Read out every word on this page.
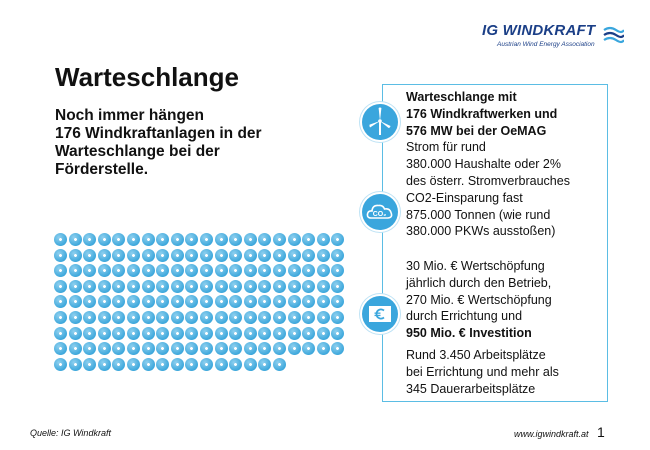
IG WINDKRAFT
Austrian Wind Energy Association
Warteschlange
Noch immer hängen
176 Windkraftanlagen in der
Warteschlange bei der
Förderstelle.
Warteschlange mit
176 Windkraftwerken und
576 MW bei der OeMAG
Strom für rund
380.000 Haushalte oder 2%
des österr. Stromverbrauches
CO2-Einsparung fast
875.000 Tonnen (wie rund
380.000 PKWs ausstoßen)
30 Mio. € Wertschöpfung
jährlich durch den Betrieb,
270 Mio. € Wertschöpfung
durch Errichtung und
950 Mio. € Investition
Rund 3.450 Arbeitsplätze
bei Errichtung und mehr als
345 Dauerarbeitsplätze
CO₂
Quelle: IG Windkraft	www.igwindkraft.at 1
